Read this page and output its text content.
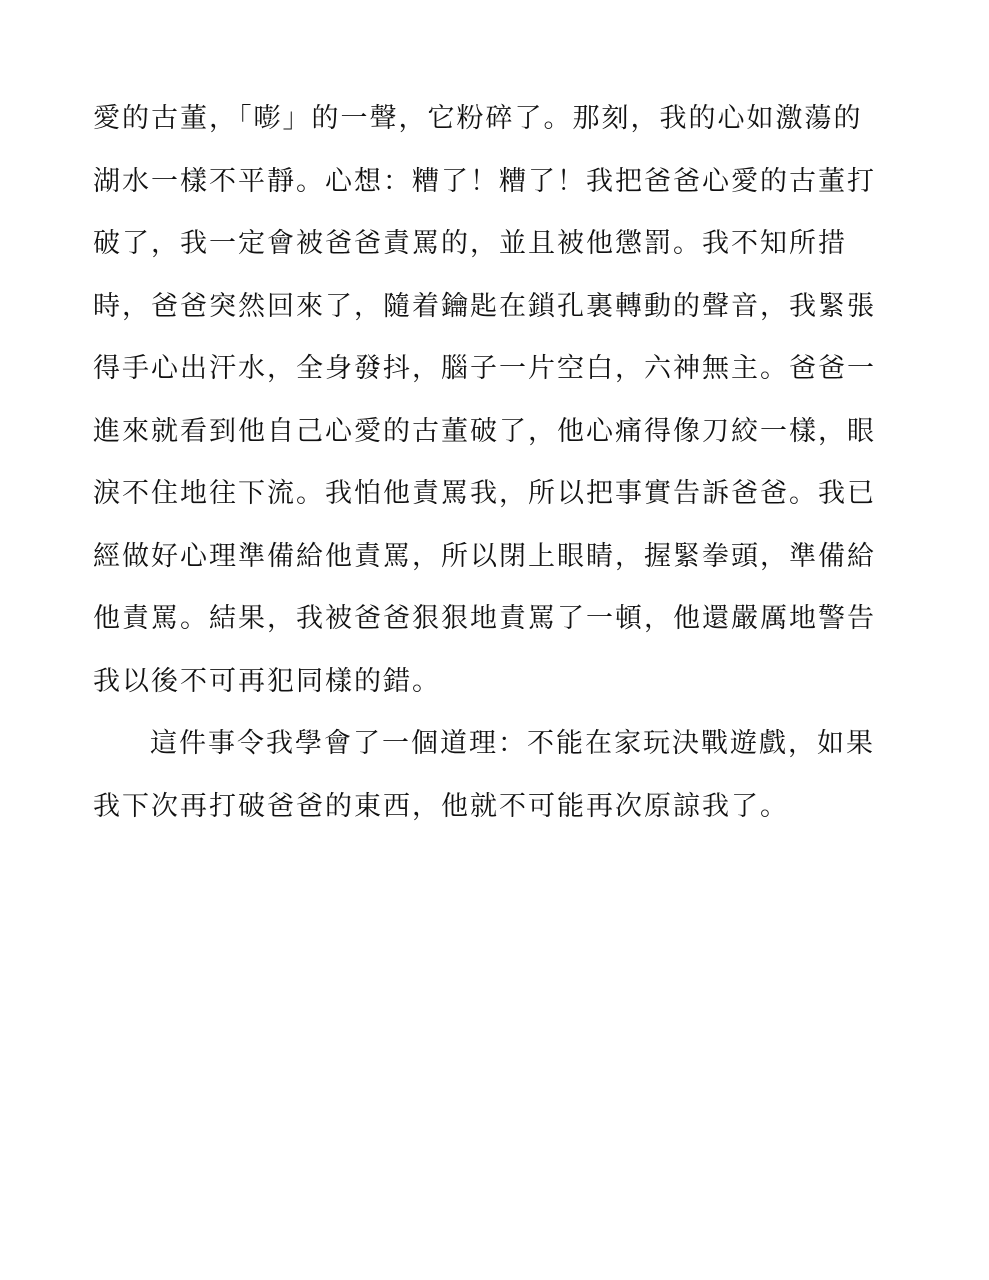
愛的古董，「嘭」的一聲，它粉碎了。那刻，我的心如激蕩的
湖水一樣不平靜。心想：糟了！糟了！我把爸爸心愛的古董打
破了，我一定會被爸爸責罵的，並且被他懲罰。我不知所措
時，爸爸突然回來了，隨着鑰匙在鎖孔裏轉動的聲音，我緊張
得手心出汗水，全身發抖，腦子一片空白，六神無主。爸爸一
進來就看到他自己心愛的古董破了，他心痛得像刀絞一樣，眼
淚不住地往下流。我怕他責罵我，所以把事實告訴爸爸。我已
經做好心理準備給他責罵，所以閉上眼睛，握緊拳頭，準備給
他責罵。結果，我被爸爸狠狠地責罵了一頓，他還嚴厲地警告
我以後不可再犯同樣的錯。
這件事令我學會了一個道理：不能在家玩決戰遊戲，如果
我下次再打破爸爸的東西，他就不可能再次原諒我了。
